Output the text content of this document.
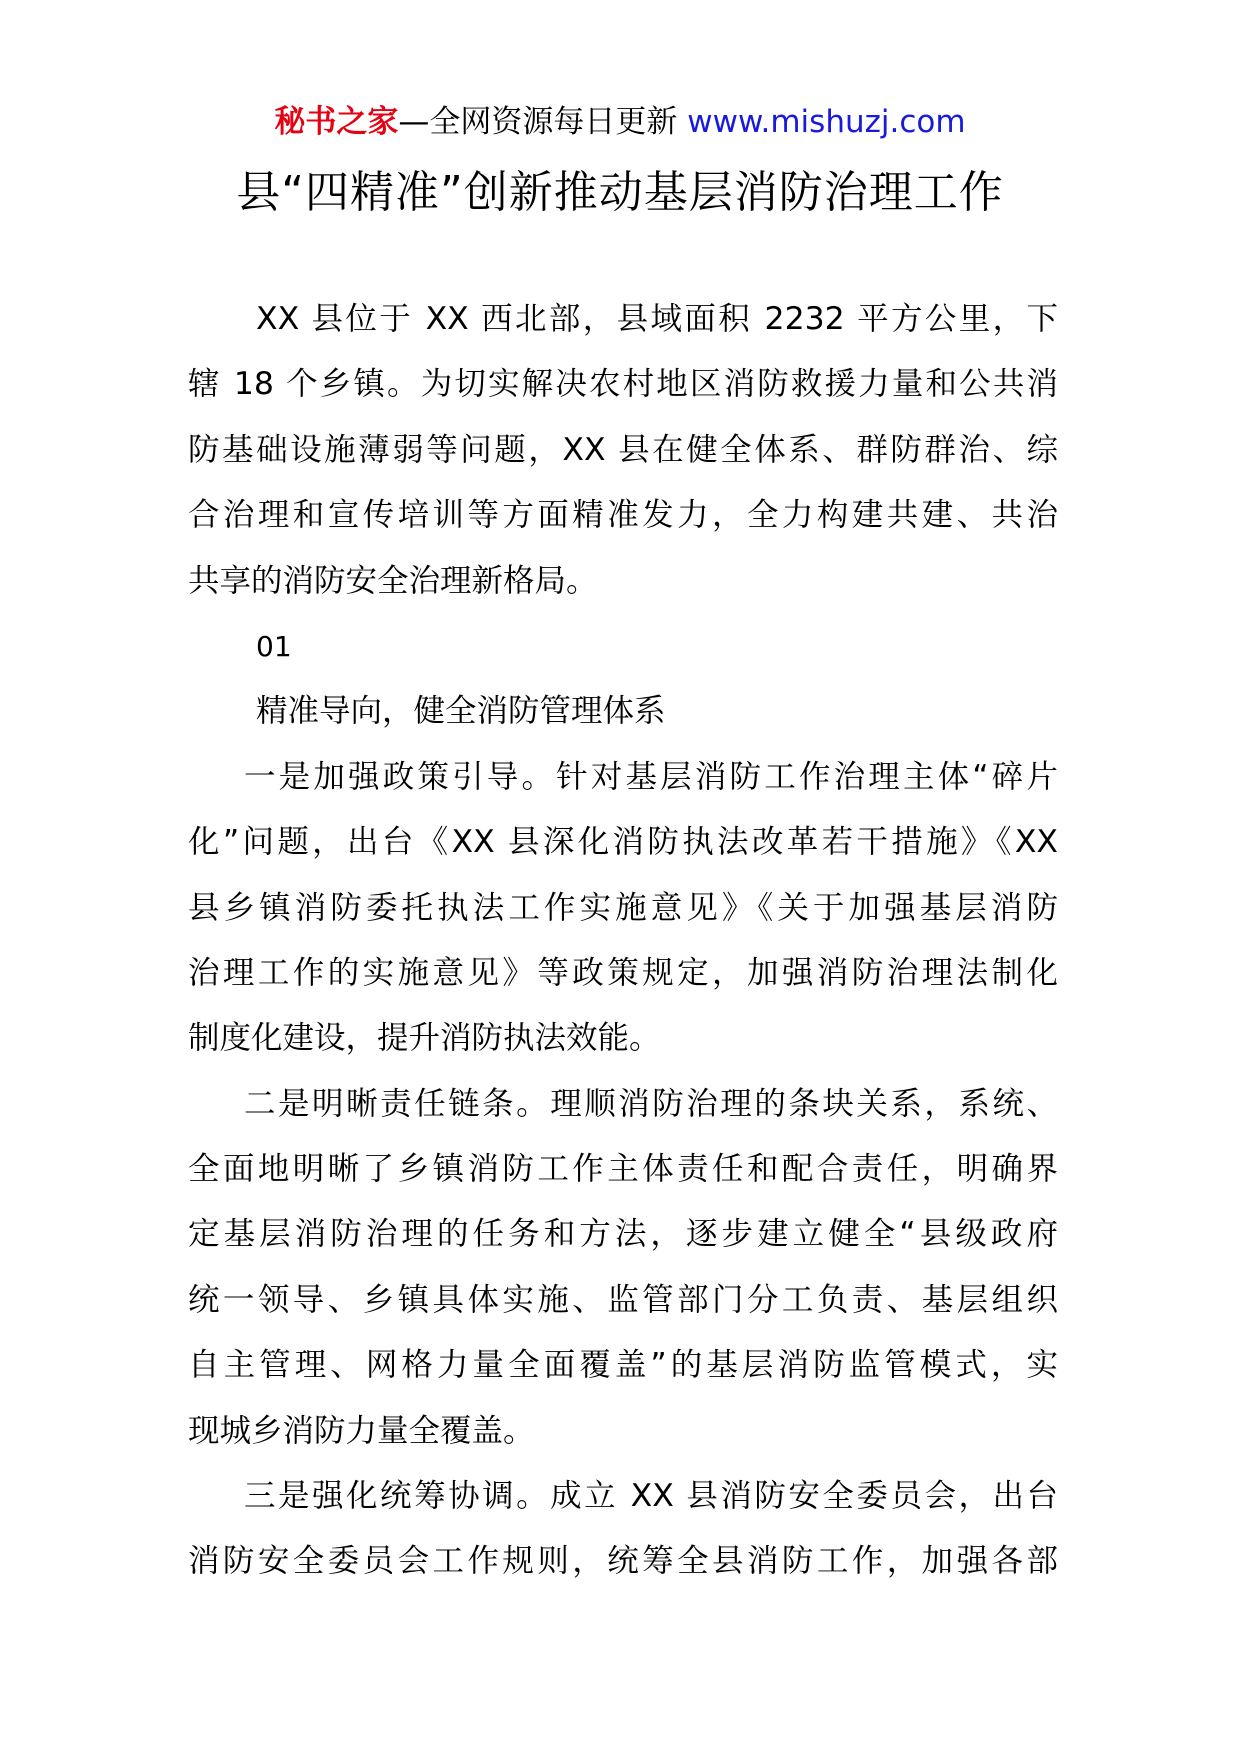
秘书之家—全网资源每日更新 www.mishuzj.com
县“四精准”创新推动基层消防治理工作
XX 县位于 XX 西北部，县域面积 2232 平方公里，下
辖 18 个乡镇。为切实解决农村地区消防救援力量和公共消
防基础设施薄弱等问题，XX 县在健全体系、群防群治、综
合治理和宣传培训等方面精准发力，全力构建共建、共治
共享的消防安全治理新格局。
01
精准导向，健全消防管理体系
一是加强政策引导。针对基层消防工作治理主体“碎片
化”问题，出台《XX 县深化消防执法改革若干措施》《XX
县乡镇消防委托执法工作实施意见》《关于加强基层消防
治理工作的实施意见》等政策规定，加强消防治理法制化
制度化建设，提升消防执法效能。
二是明晰责任链条。理顺消防治理的条块关系，系统、
全面地明晰了乡镇消防工作主体责任和配合责任，明确界
定基层消防治理的任务和方法，逐步建立健全“县级政府
统一领导、乡镇具体实施、监管部门分工负责、基层组织
自主管理、网格力量全面覆盖”的基层消防监管模式，实
现城乡消防力量全覆盖。
三是强化统筹协调。成立 XX 县消防安全委员会，出台
消防安全委员会工作规则，统筹全县消防工作，加强各部
